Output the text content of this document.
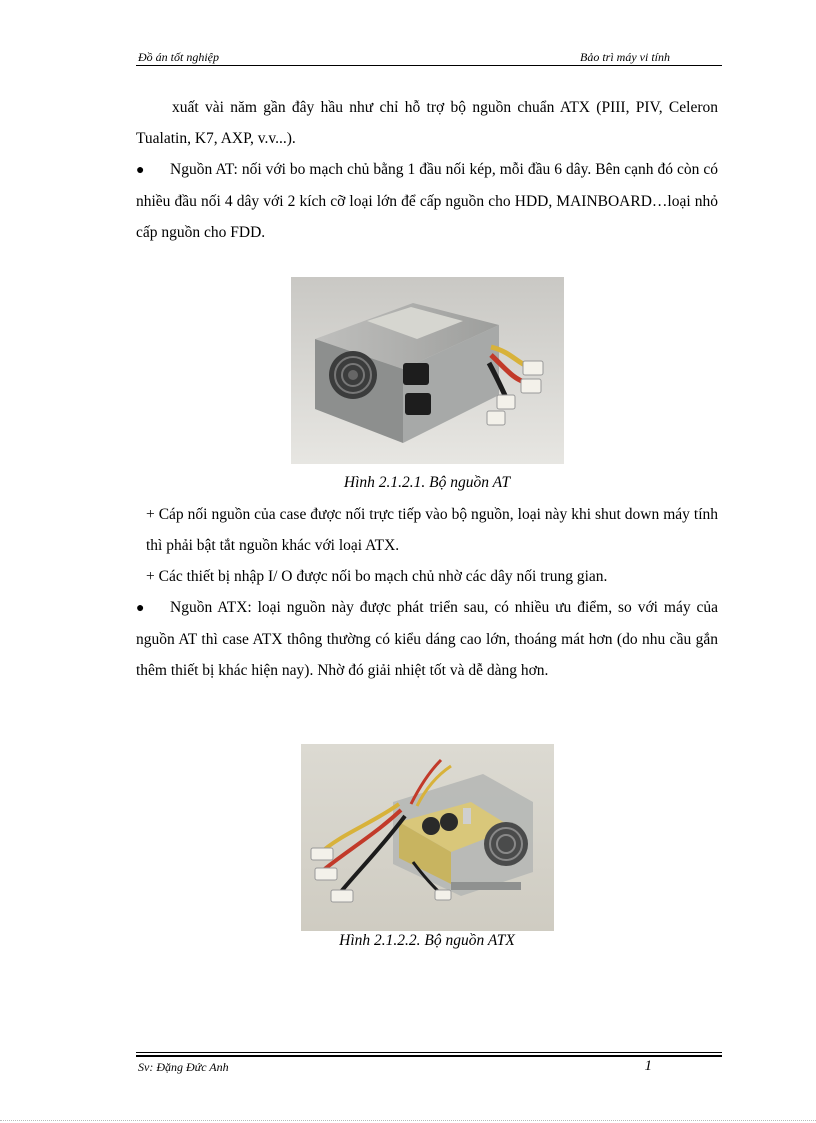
Đồ án tốt nghiệp	Bảo trì máy vi tính

xuất vài năm gần đây hầu như chỉ hỗ trợ bộ nguồn chuẩn ATX (PIII, PIV, Celeron Tualatin, K7, AXP, v.v...).

● Nguồn AT: nối với bo mạch chủ bằng 1 đầu nối kép, mỗi đầu 6 dây. Bên cạnh đó còn có nhiều đầu nối 4 dây với 2 kích cỡ loại lớn để cấp nguồn cho HDD, MAINBOARD…loại nhỏ cấp nguồn cho FDD.

Hình 2.1.2.1. Bộ nguồn AT

+ Cáp nối nguồn của case được nối trực tiếp vào bộ nguồn, loại này khi shut down máy tính thì phải bật tắt nguồn khác với loại ATX.

+ Các thiết bị nhập I/ O được nối bo mạch chủ nhờ các dây nối trung gian.

● Nguồn ATX: loại nguồn này được phát triển sau, có nhiều ưu điểm, so với máy của nguồn AT thì case ATX thông thường có kiểu dáng cao lớn, thoáng mát hơn (do nhu cầu gắn thêm thiết bị khác hiện nay). Nhờ đó giải nhiệt tốt và dễ dàng hơn.

Hình 2.1.2.2. Bộ nguồn ATX

Sv: Đặng Đức Anh	1
